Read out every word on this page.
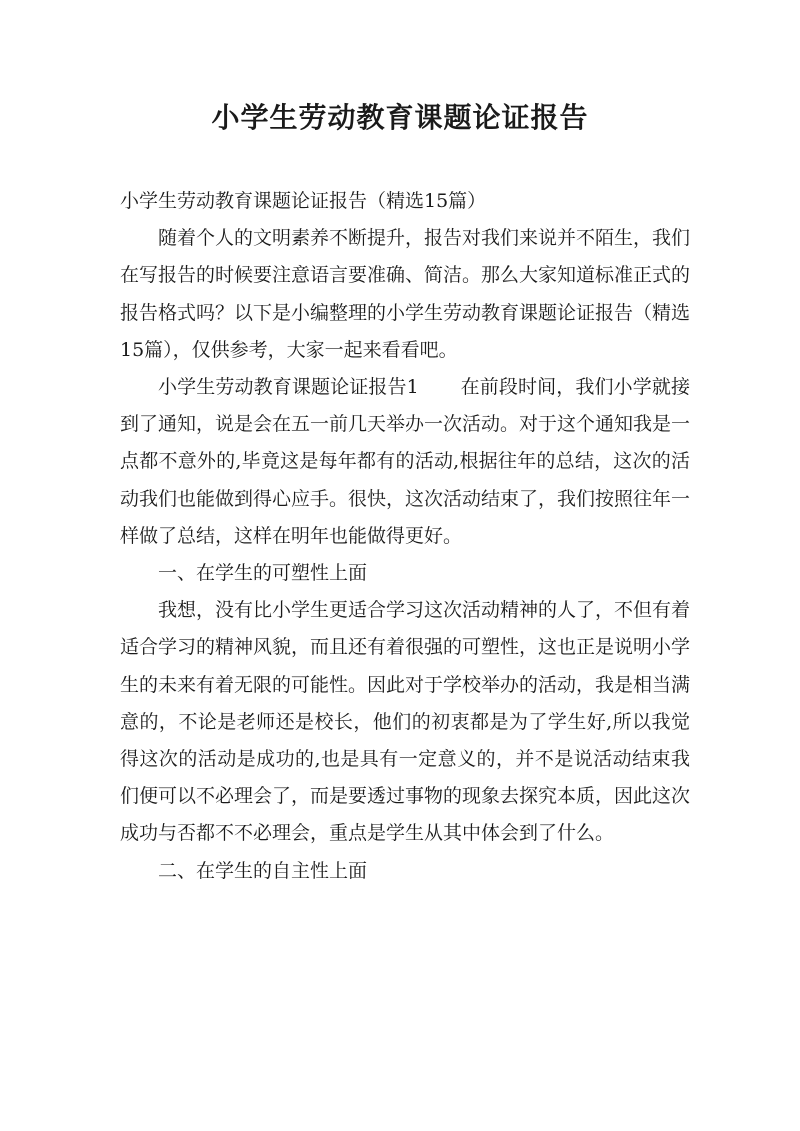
小学生劳动教育课题论证报告

小学生劳动教育课题论证报告（精选15篇）

随着个人的文明素养不断提升，报告对我们来说并不陌生，我们在写报告的时候要注意语言要准确、简洁。那么大家知道标准正式的报告格式吗？以下是小编整理的小学生劳动教育课题论证报告（精选15篇），仅供参考，大家一起来看看吧。

小学生劳动教育课题论证报告1 在前段时间，我们小学就接到了通知，说是会在五一前几天举办一次活动。对于这个通知我是一点都不意外的,毕竟这是每年都有的活动,根据往年的总结，这次的活动我们也能做到得心应手。很快，这次活动结束了，我们按照往年一样做了总结，这样在明年也能做得更好。

一、在学生的可塑性上面

我想，没有比小学生更适合学习这次活动精神的人了，不但有着适合学习的精神风貌，而且还有着很强的可塑性，这也正是说明小学生的未来有着无限的可能性。因此对于学校举办的活动，我是相当满意的，不论是老师还是校长，他们的初衷都是为了学生好,所以我觉得这次的活动是成功的,也是具有一定意义的，并不是说活动结束我们便可以不必理会了，而是要透过事物的现象去探究本质，因此这次成功与否都不不必理会，重点是学生从其中体会到了什么。

二、在学生的自主性上面
